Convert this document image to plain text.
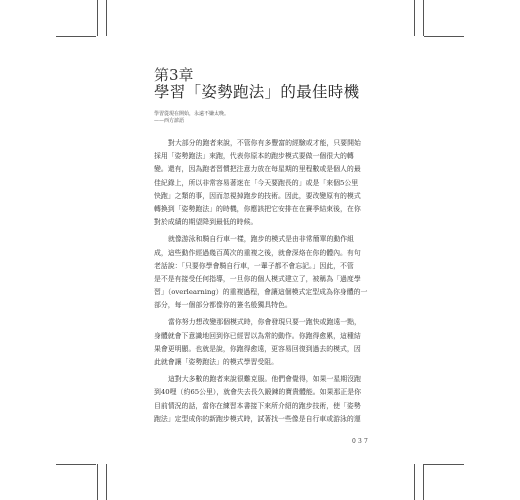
第3章
學習「姿勢跑法」的最佳時機
學習從現在開始，永遠不嫌太晚。
——西方諺語
對大部分的跑者來說，不管你有多豐富的經驗或才能，只要開始
採用「姿勢跑法」來跑，代表你原本的跑步模式要做一個很大的轉
變。還有，因為跑者習慣把注意力放在每星期的里程數或是個人的最
佳紀錄上，所以非常容易著迷在「今天要跑長的」或是「來個5公里
快跑」之類的事，因而忽視掉跑步的技術。因此，要改變原有的模式
轉換到「姿勢跑法」的時機，你應該把它安排在在賽季結束後，在你
對於成績的期望降到最低的時候。
就像游泳和騎自行車一樣，跑步的模式是由非常簡單的動作組
成，這些動作經過幾百萬次的重複之後，就會深烙在你的體內。有句
老話說：「只要你學會騎自行車，一輩子都不會忘記。」因此，不管
是不是有接受任何指導，一旦你的個人模式建立了，被稱為「過度學
習」（overlearning）的重複過程，會讓這個模式定型成為你身體的一
部分，每一個部分都像你的簽名般獨具特色。
當你努力想改變那個模式時，你會發現只要一跑快或跑遠一點，
身體就會下意識地回到你已經習以為常的動作。你跑得愈累，這種結
果會更明顯。也就是說，你跑得愈遠，更容易回復到過去的模式，因
此就會讓「姿勢跑法」的模式學習受阻。
這對大多數的跑者來說很難克服。他們會覺得，如果一星期沒跑
到40哩（約65公里），就會失去長久鍛鍊的寶貴體能。如果那正是你
目前情況的話，當你在練習本書接下來所介紹的跑步技術，使「姿勢
跑法」定型成你的新跑步模式時，試著找一些像是自行車或游泳的運
037
